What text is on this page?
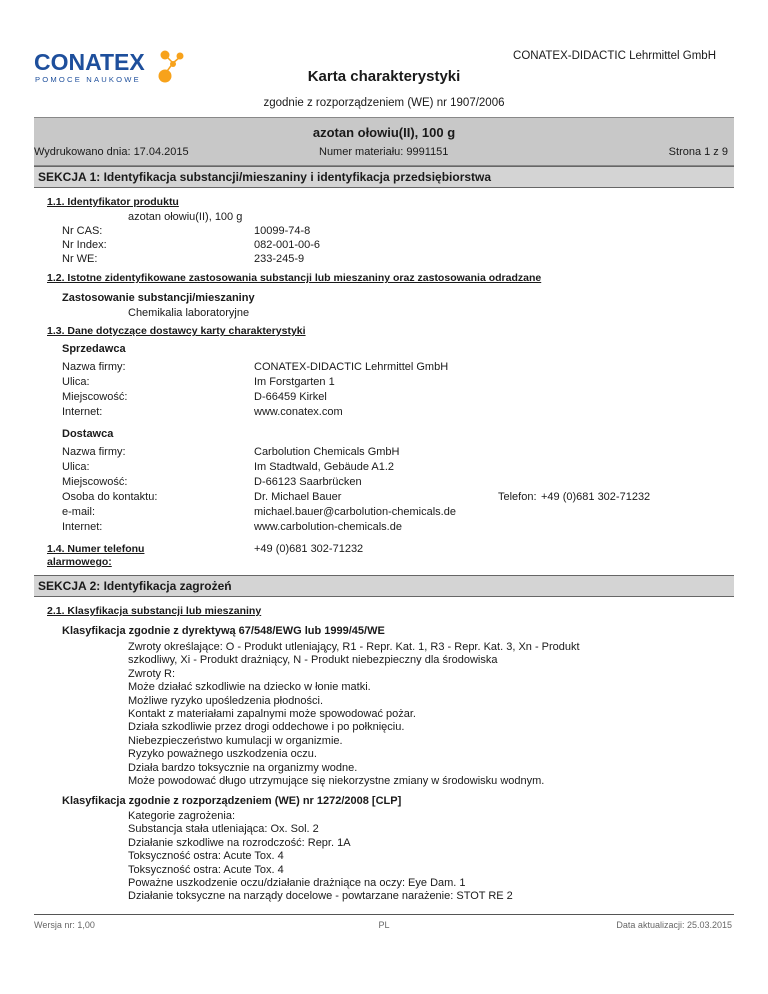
CONATEX
POMOCE NAUKOWE
CONATEX-DIDACTIC Lehrmittel GmbH
Karta charakterystyki
zgodnie z rozporządzeniem (WE) nr 1907/2006
azotan ołowiu(II), 100 g
Wydrukowano dnia: 17.04.2015	Numer materiału: 9991151	Strona 1 z 9
SEKCJA 1: Identyfikacja substancji/mieszaniny i identyfikacja przedsiębiorstwa
1.1. Identyfikator produktu
azotan ołowiu(II), 100 g
Nr CAS:	10099-74-8
Nr Index:	082-001-00-6
Nr WE:	233-245-9
1.2. Istotne zidentyfikowane zastosowania substancji lub mieszaniny oraz zastosowania odradzane
Zastosowanie substancji/mieszaniny
Chemikalia laboratoryjne
1.3. Dane dotyczące dostawcy karty charakterystyki
Sprzedawca
Nazwa firmy:	CONATEX-DIDACTIC Lehrmittel GmbH
Ulica:	Im Forstgarten 1
Miejscowość:	D-66459 Kirkel
Internet:	www.conatex.com
Dostawca
Nazwa firmy:	Carbolution Chemicals GmbH
Ulica:	Im Stadtwald, Gebäude A1.2
Miejscowość:	D-66123 Saarbrücken
Osoba do kontaktu:	Dr. Michael Bauer	Telefon: +49 (0)681 302-71232
e-mail:	michael.bauer@carbolution-chemicals.de
Internet:	www.carbolution-chemicals.de
1.4. Numer telefonu
alarmowego:
+49 (0)681 302-71232
SEKCJA 2: Identyfikacja zagrożeń
2.1. Klasyfikacja substancji lub mieszaniny
Klasyfikacja zgodnie z dyrektywą 67/548/EWG lub 1999/45/WE
Zwroty określające: O - Produkt utleniają̧cy, R1 - Repr. Kat. 1, R3 - Repr. Kat. 3, Xn - Produkt
szkodliwy, Xi - Produkt drażniący, N - Produkt niebezpieczny dla środowiska
Zwroty R:
Może działać szkodliwie na dziecko w łonie matki.
Możliwe ryzyko upośledzenia płodności.
Kontakt z materiałami zapalnymi może spowodować pożar.
Działa szkodliwie przez drogi oddechowe i po połknięciu.
Niebezpieczeństwo kumulacji w organizmie.
Ryzyko poważnego uszkodzenia oczu.
Działa bardzo toksycznie na organizmy wodne.
Może powodować długo utrzymujące się niekorzystne zmiany w środowisku wodnym.
Klasyfikacja zgodnie z rozporządzeniem (WE) nr 1272/2008 [CLP]
Kategorie zagrożenia:
Substancja stała utleniająca: Ox. Sol. 2
Działanie szkodliwe na rozrodczość: Repr. 1A
Toksyczność ostra: Acute Tox. 4
Toksyczność ostra: Acute Tox. 4
Poważne uszkodzenie oczu/działanie drażniące na oczy: Eye Dam. 1
Działanie toksyczne na narządy docelowe - powtarzane narażenie: STOT RE 2
Wersja nr: 1,00	PL	Data aktualizacji: 25.03.2015
